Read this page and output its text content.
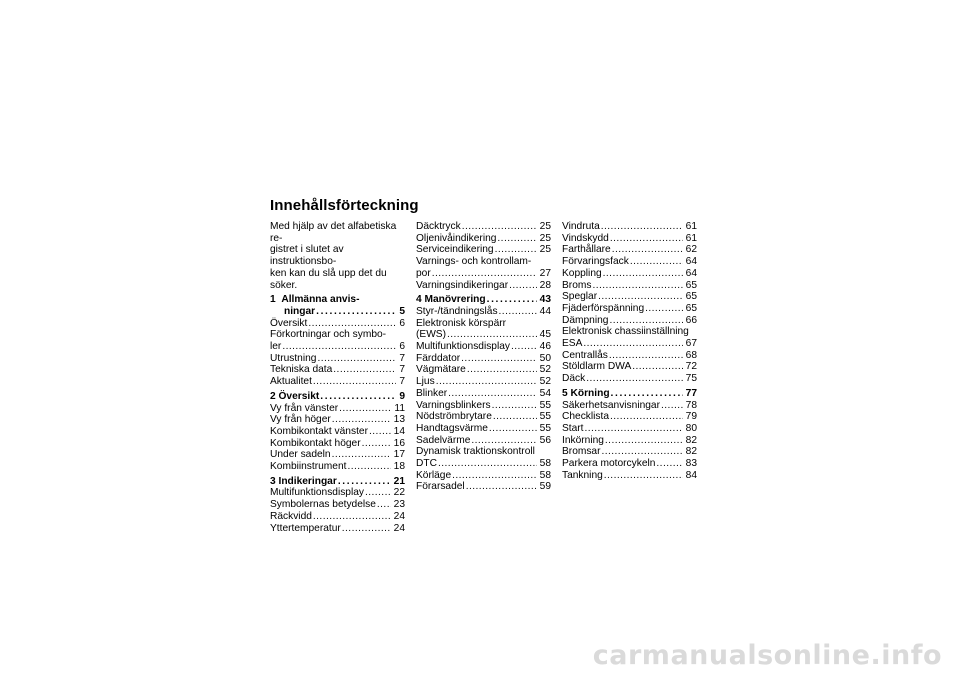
Innehållsförteckning
Med hjälp av det alfabetiska re-
gistret i slutet av instruktionsbo-
ken kan du slå upp det du söker.
1 Allmänna anvis-
ningar . . .	5
Översikt . . .	6
Förkortningar och symbo-
ler . . .	6
Utrustning . . .	7
Tekniska data . . .	7
Aktualitet . . .	7
2 Översikt . . .	9
Vy från vänster . . .	11
Vy från höger . . .	13
Kombikontakt vänster . . .	14
Kombikontakt höger . . .	16
Under sadeln . . .	17
Kombiinstrument . . .	18
3 Indikeringar . . .	21
Multifunktionsdisplay . . .	22
Symbolernas betydelse . . . 23
Räckvidd . . .	24
Yttertemperatur . . .	24
Däcktryck . . .	25
Oljenivåindikering . . .	25
Serviceindikering . . .	25
Varnings- och kontrollam-
por . . .	27
Varningsindikeringar . . .	28
4 Manövrering . . .	43
Styr-/tändningslås . . .	44
Elektronisk körspärr
(EWS) . . .	45
Multifunktionsdisplay . . .	46
Färddator . . .	50
Vägmätare . . .	52
Ljus . . .	52
Blinker . . .	54
Varningsblinkers . . .	55
Nödströmbrytare . . .	55
Handtagsvärme . . .	55
Sadelvärme . . .	56
Dynamisk traktionskontroll
DTC . . .	58
Körläge . . .	58
Förarsadel . . .	59
Vindruta . . .	61
Vindskydd . . .	61
Farthållare . . .	62
Förvaringsfack . . .	64
Koppling . . .	64
Broms . . .	65
Speglar . . .	65
Fjäderförspänning . . .	65
Dämpning . . .	66
Elektronisk chassiinställning
ESA . . .	67
Centrallås . . .	68
Stöldlarm DWA . . .	72
Däck . . .	75
5 Körning . . .	77
Säkerhetsanvisningar . . .	78
Checklista . . .	79
Start . . .	80
Inkörning . . .	82
Bromsar . . .	82
Parkera motorcykeln . . .	83
Tankning . . .	84
carmanualsonline.info
